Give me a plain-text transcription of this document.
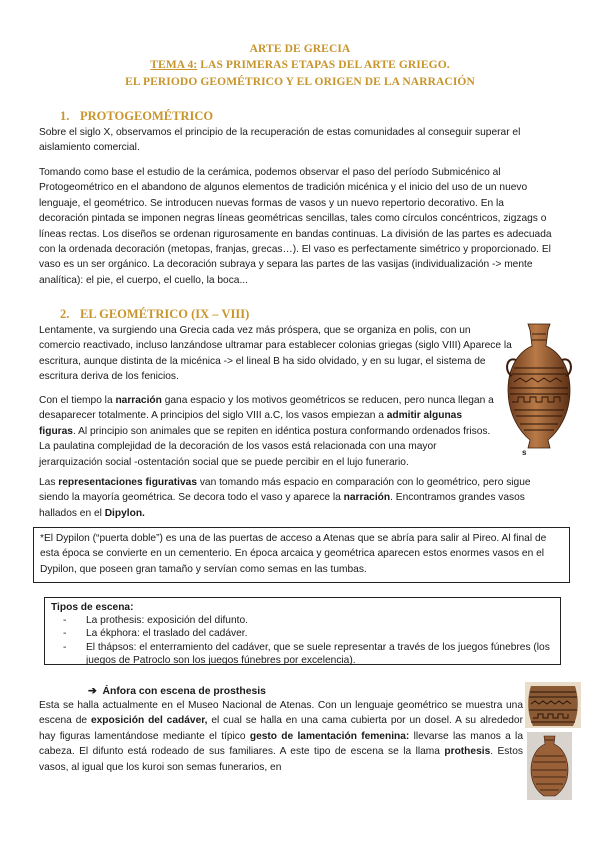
ARTE DE GRECIA
TEMA 4: LAS PRIMERAS ETAPAS DEL ARTE GRIEGO.
EL PERIODO GEOMÉTRICO Y EL ORIGEN DE LA NARRACIÓN
1. PROTOGEOMÉTRICO
Sobre el siglo X, observamos el principio de la recuperación de estas comunidades al conseguir superar el aislamiento comercial.
Tomando como base el estudio de la cerámica, podemos observar el paso del período Submicénico al Protogeométrico en el abandono de algunos elementos de tradición micénica y el inicio del uso de un nuevo lenguaje, el geométrico. Se introducen nuevas formas de vasos y un nuevo repertorio decorativo. En la decoración pintada se imponen negras líneas geométricas sencillas, tales como círculos concéntricos, zigzags o líneas rectas. Los diseños se ordenan rigurosamente en bandas continuas. La división de las partes es adecuada con la ordenada decoración (metopas, franjas, grecas…). El vaso es perfectamente simétrico y proporcionado. El vaso es un ser orgánico. La decoración subraya y separa las partes de las vasijas (individualización -> mente analítica): el pie, el cuerpo, el cuello, la boca...
2. EL GEOMÉTRICO (IX – VIII)
Lentamente, va surgiendo una Grecia cada vez más próspera, que se organiza en polis, con un comercio reactivado, incluso lanzándose ultramar para establecer colonias griegas (siglo VIII) Aparece la escritura, aunque distinta de la micénica -> el lineal B ha sido olvidado, y en su lugar, el sistema de escritura deriva de los fenicios.
Con el tiempo la narración gana espacio y los motivos geométricos se reducen, pero nunca llegan a desaparecer totalmente. A principios del siglo VIII a.C, los vasos empiezan a admitir algunas figuras. Al principio son animales que se repiten en idéntica postura conformando ordenados frisos. La paulatina complejidad de la decoración de los vasos está relacionada con una mayor jerarquización social -ostentación social que se puede percibir en el lujo funerario.
Las representaciones figurativas van tomando más espacio en comparación con lo geométrico, pero sigue siendo la mayoría geométrica. Se decora todo el vaso y aparece la narración. Encontramos grandes vasos hallados en el Dipylon.
s
*El Dypilon (“puerta doble”) es una de las puertas de acceso a Atenas que se abría para salir al Pireo. Al final de esta época se convierte en un cementerio. En época arcaica y geométrica aparecen estos enormes vasos en el Dypilon, que poseen gran tamaño y servían como semas en las tumbas.
Tipos de escena:
- La prothesis: exposición del difunto.
- La ékphora: el traslado del cadáver.
- El thápsos: el enterramiento del cadáver, que se suele representar a través de los juegos fúnebres (los juegos de Patroclo son los juegos fúnebres por excelencia).
➔ Ánfora con escena de prosthesis
Esta se halla actualmente en el Museo Nacional de Atenas. Con un lenguaje geométrico se muestra una escena de exposición del cadáver, el cual se halla en una cama cubierta por un dosel. A su alrededor hay figuras lamentándose mediante el típico gesto de lamentación femenina: llevarse las manos a la cabeza. El difunto está rodeado de sus familiares. A este tipo de escena se la llama prothesis. Estos vasos, al igual que los kuroi son semas funerarios, en
